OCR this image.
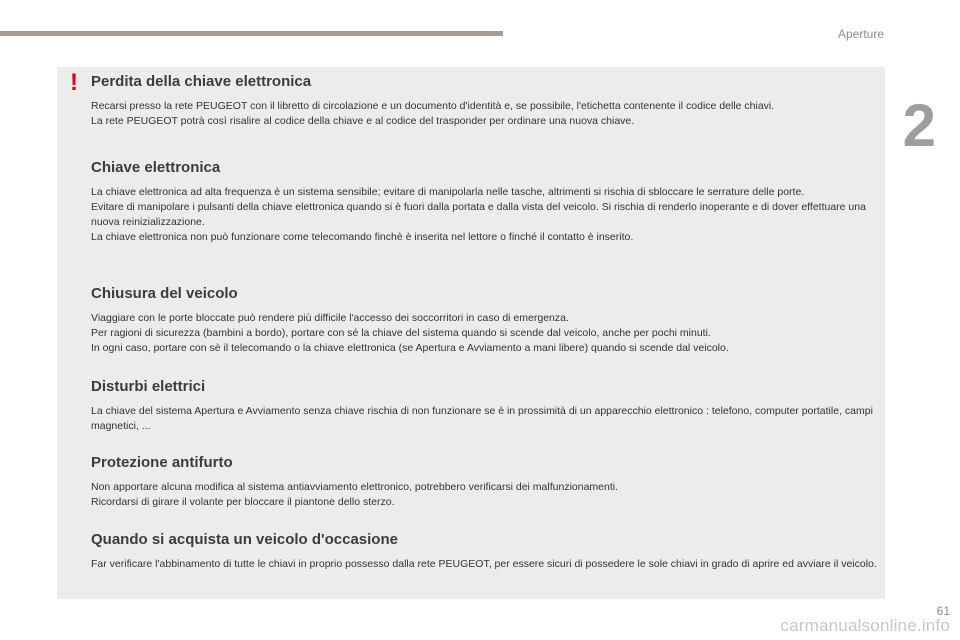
Aperture
2
! Perdita della chiave elettronica

Recarsi presso la rete PEUGEOT con il libretto di circolazione e un documento d'identità e, se possibile, l'etichetta contenente il codice delle chiavi.

La rete PEUGEOT potrà così risalire al codice della chiave e al codice del trasponder per ordinare una nuova chiave.

Chiave elettronica

La chiave elettronica ad alta frequenza è un sistema sensibile; evitare di manipolarla nelle tasche, altrimenti si rischia di sbloccare le serrature delle porte.

Evitare di manipolare i pulsanti della chiave elettronica quando si è fuori dalla portata e dalla vista del veicolo. Si rischia di renderlo inoperante e di dover effettuare una nuova reinizializzazione.

La chiave elettronica non può funzionare come telecomando finchè è inserita nel lettore o finché il contatto è inserito.

Chiusura del veicolo

Viaggiare con le porte bloccate può rendere più difficile l'accesso dei soccorritori in caso di emergenza.

Per ragioni di sicurezza (bambini a bordo), portare con sé la chiave del sistema quando si scende dal veicolo, anche per pochi minuti.

In ogni caso, portare con sè il telecomando o la chiave elettronica (se Apertura e Avviamento a mani libere) quando si scende dal veicolo.

Disturbi elettrici

La chiave del sistema Apertura e Avviamento senza chiave rischia di non funzionare se è in prossimità di un apparecchio elettronico : telefono, computer portatile, campi magnetici, ...

Protezione antifurto

Non apportare alcuna modifica al sistema antiavviamento elettronico, potrebbero verificarsi dei malfunzionamenti.

Ricordarsi di girare il volante per bloccare il piantone dello sterzo.

Quando si acquista un veicolo d'occasione

Far verificare l'abbinamento di tutte le chiavi in proprio possesso dalla rete PEUGEOT, per essere sicuri di possedere le sole chiavi in grado di aprire ed avviare il veicolo.

61
carmanualsonline.info
